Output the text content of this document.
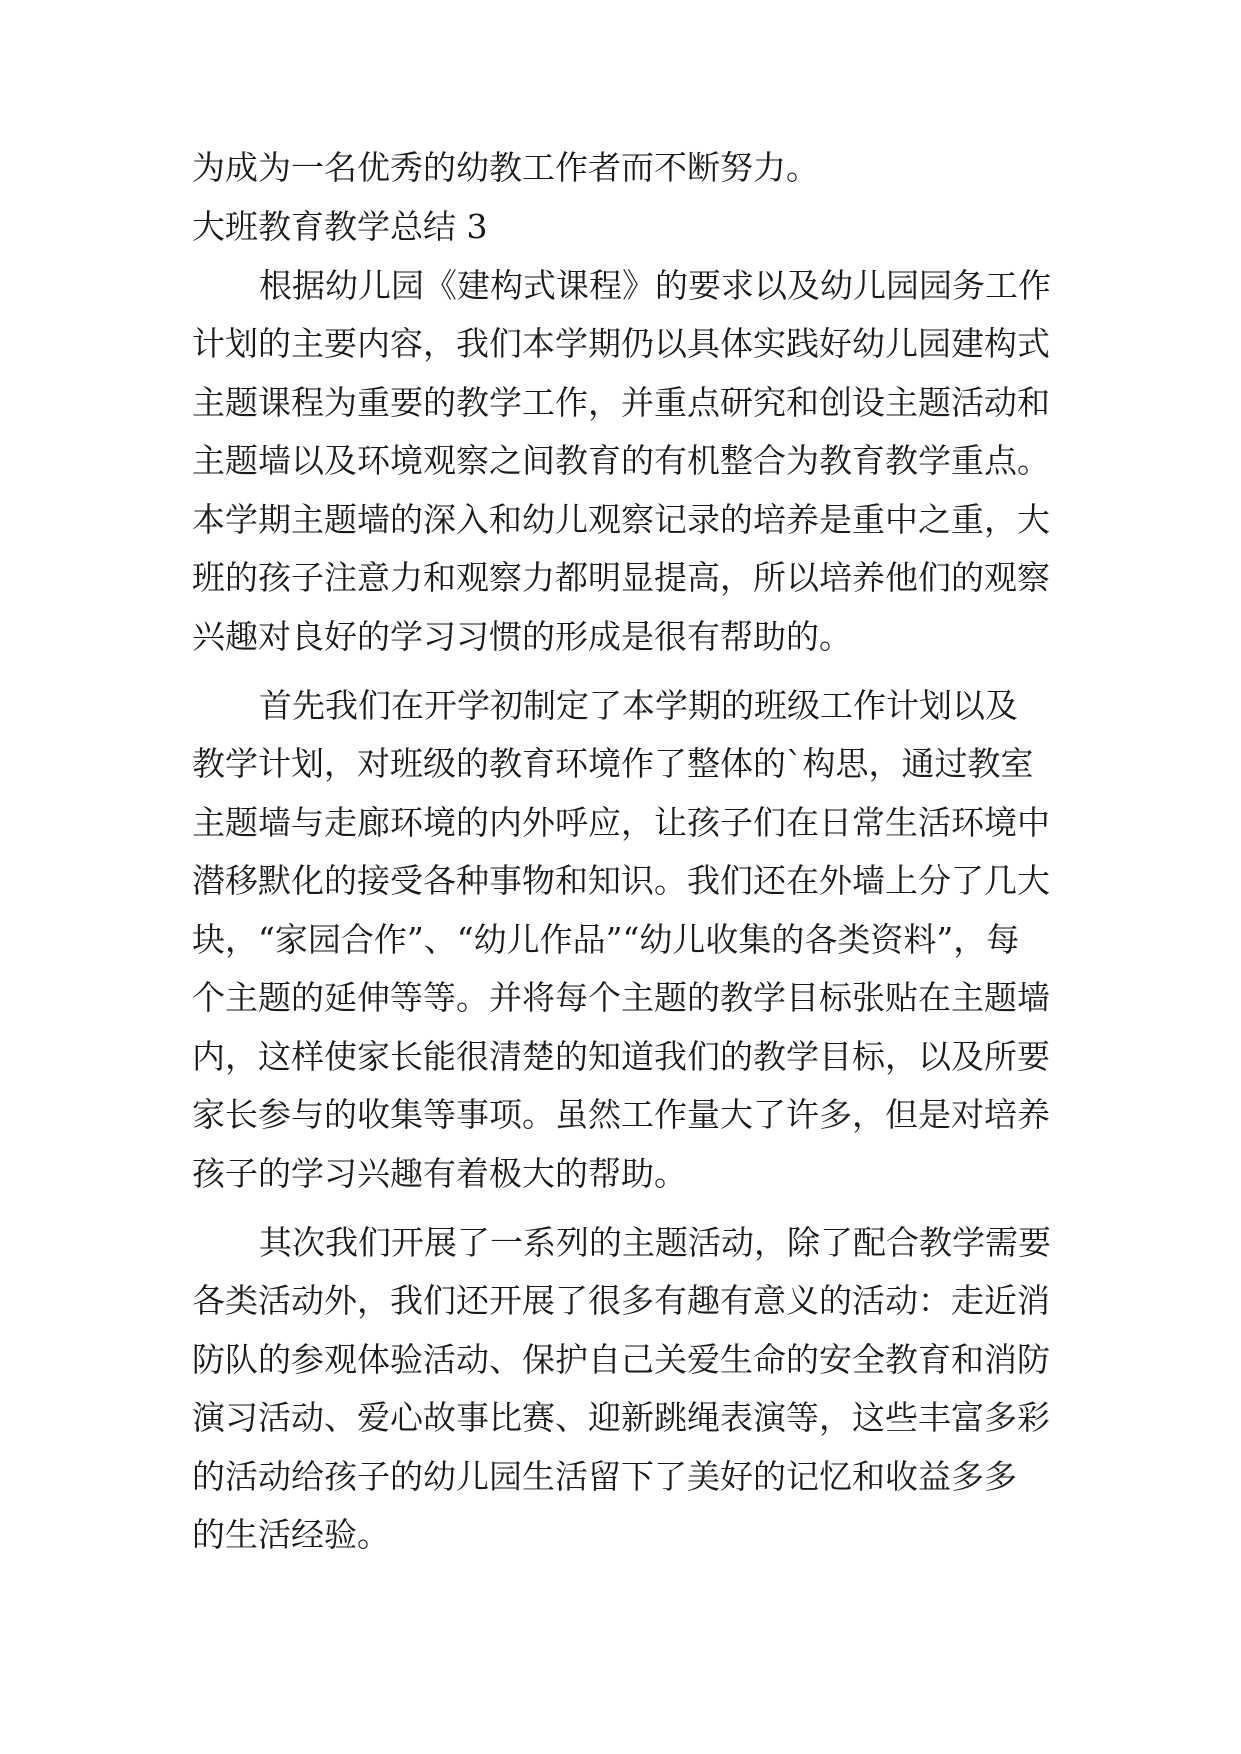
为成为一名优秀的幼教工作者而不断努力。

大班教育教学总结 3

根据幼儿园《建构式课程》的要求以及幼儿园园务工作

计划的主要内容，我们本学期仍以具体实践好幼儿园建构式

主题课程为重要的教学工作，并重点研究和创设主题活动和

主题墙以及环境观察之间教育的有机整合为教育教学重点。

本学期主题墙的深入和幼儿观察记录的培养是重中之重，大

班的孩子注意力和观察力都明显提高，所以培养他们的观察

兴趣对良好的学习习惯的形成是很有帮助的。

首先我们在开学初制定了本学期的班级工作计划以及

教学计划，对班级的教育环境作了整体的`构思，通过教室

主题墙与走廊环境的内外呼应，让孩子们在日常生活环境中

潜移默化的接受各种事物和知识。我们还在外墙上分了几大

块，“家园合作”、“幼儿作品”“幼儿收集的各类资料”，每

个主题的延伸等等。并将每个主题的教学目标张贴在主题墙

内，这样使家长能很清楚的知道我们的教学目标，以及所要

家长参与的收集等事项。虽然工作量大了许多，但是对培养

孩子的学习兴趣有着极大的帮助。

其次我们开展了一系列的主题活动，除了配合教学需要

各类活动外，我们还开展了很多有趣有意义的活动：走近消

防队的参观体验活动、保护自己关爱生命的安全教育和消防

演习活动、爱心故事比赛、迎新跳绳表演等，这些丰富多彩

的活动给孩子的幼儿园生活留下了美好的记忆和收益多多

的生活经验。
